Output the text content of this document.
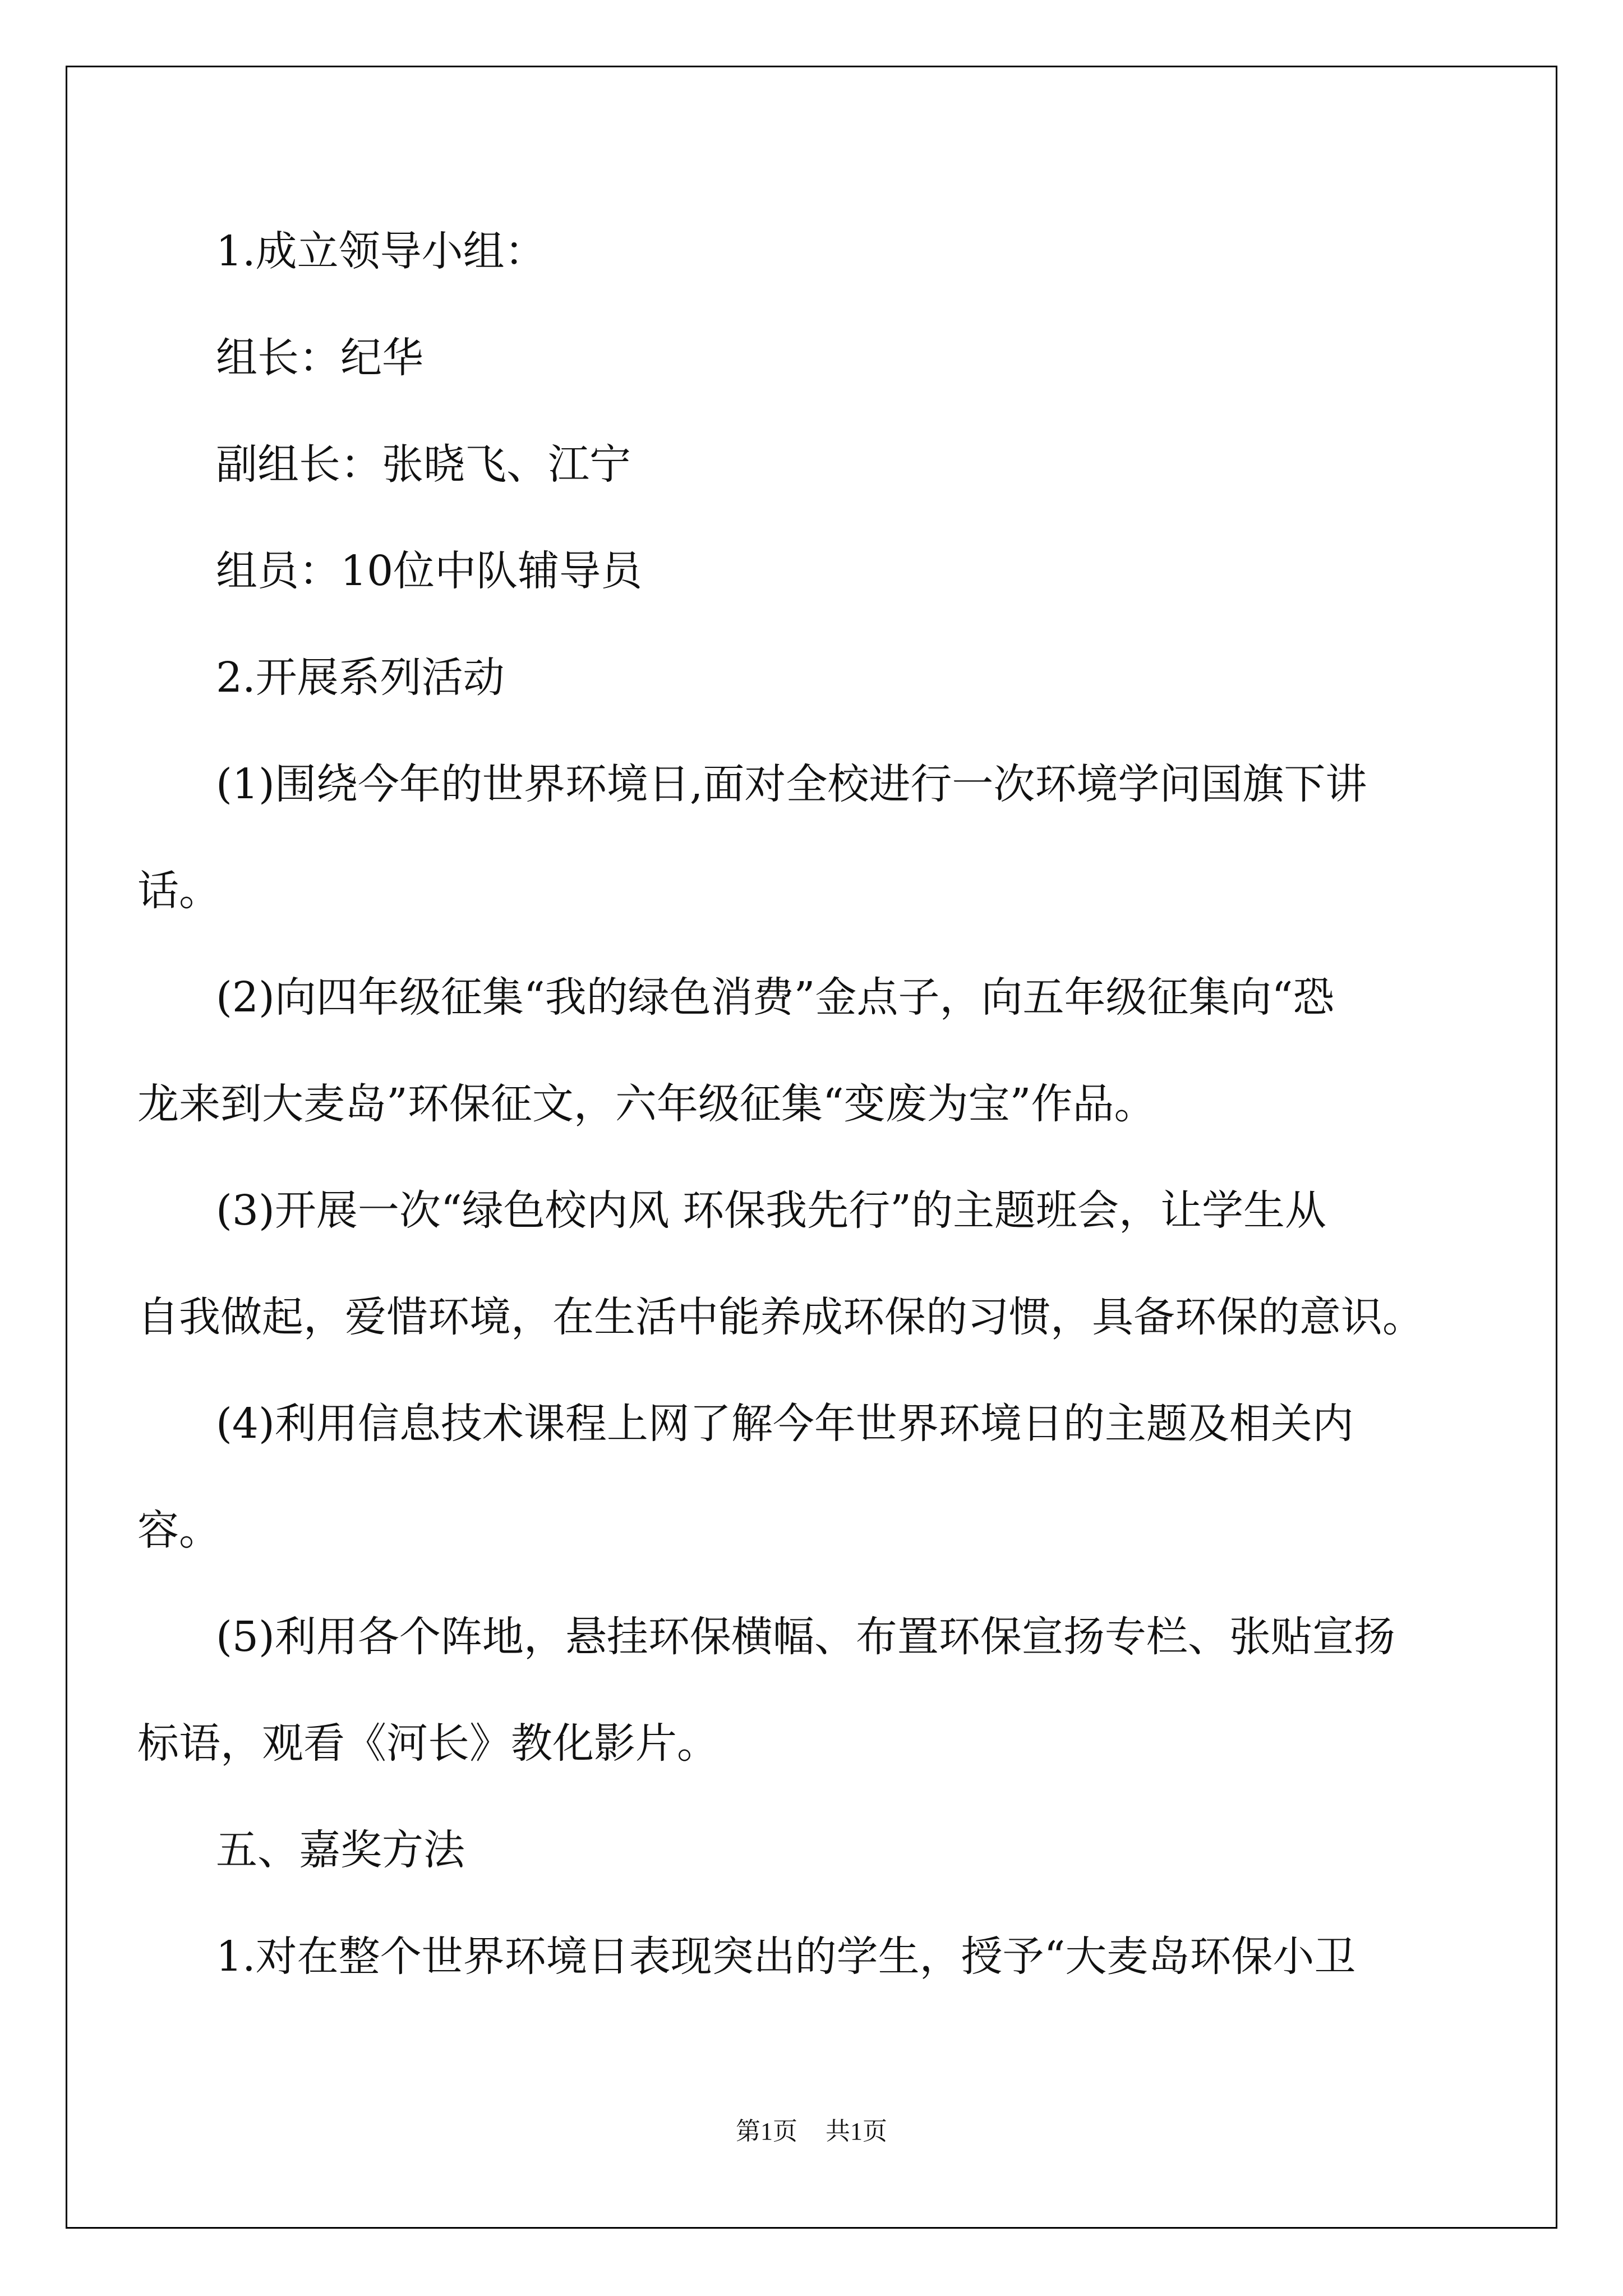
1.成立领导小组：
组长：纪华
副组长：张晓飞、江宁
组员：10位中队辅导员
2.开展系列活动
(1)围绕今年的世界环境日,面对全校进行一次环境学问国旗下讲
话。
(2)向四年级征集“我的绿色消费”金点子，向五年级征集向“恐
龙来到大麦岛”环保征文，六年级征集“变废为宝”作品。
(3)开展一次“绿色校内风 环保我先行”的主题班会，让学生从
自我做起，爱惜环境，在生活中能养成环保的习惯，具备环保的意识。
(4)利用信息技术课程上网了解今年世界环境日的主题及相关内
容。
(5)利用各个阵地，悬挂环保横幅、布置环保宣扬专栏、张贴宣扬
标语，观看《河长》教化影片。
五、嘉奖方法
1.对在整个世界环境日表现突出的学生，授予“大麦岛环保小卫
第1页 共1页
